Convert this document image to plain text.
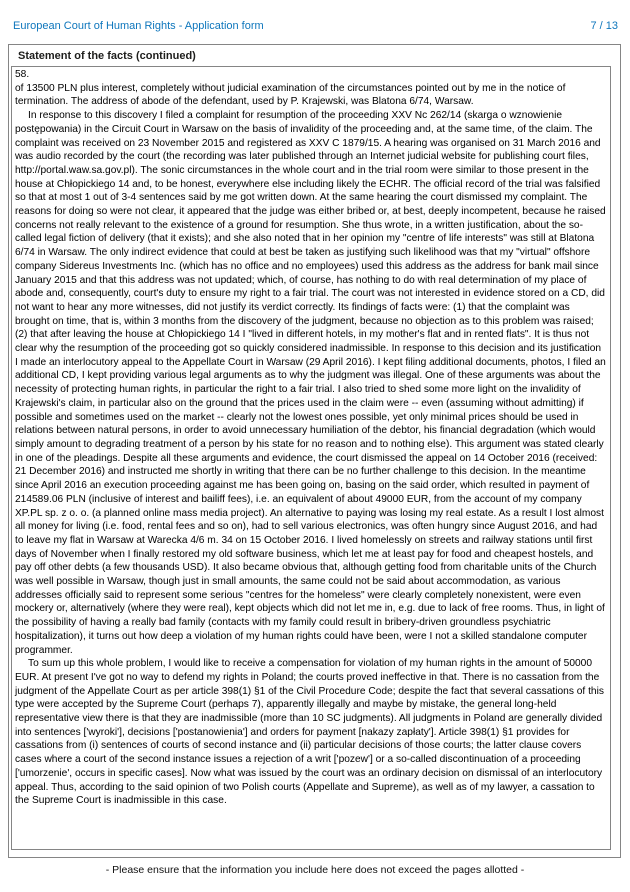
European Court of Human Rights - Application form	7 / 13
Statement of the facts (continued)
58.
of 13500 PLN plus interest, completely without judicial examination of the circumstances pointed out by me in the notice of termination. The address of abode of the defendant, used by P. Krajewski, was Blatona 6/74, Warsaw.
In response to this discovery I filed a complaint for resumption of the proceeding XXV Nc 262/14 (skarga o wznowienie postępowania) in the Circuit Court in Warsaw on the basis of invalidity of the proceeding and, at the same time, of the claim. The complaint was received on 23 November 2015 and registered as XXV C 1879/15. A hearing was organised on 31 March 2016 and was audio recorded by the court (the recording was later published through an Internet judicial website for publishing court files, http://portal.waw.sa.gov.pl). The sonic circumstances in the whole court and in the trial room were similar to those present in the house at Chłopickiego 14 and, to be honest, everywhere else including likely the ECHR. The official record of the trial was falsified so that at most 1 out of 3-4 sentences said by me got written down. At the same hearing the court dismissed my complaint. The reasons for doing so were not clear, it appeared that the judge was either bribed or, at best, deeply incompetent, because he raised concerns not really relevant to the existence of a ground for resumption. She thus wrote, in a written justification, about the so-called legal fiction of delivery (that it exists); and she also noted that in her opinion my "centre of life interests" was still at Blatona 6/74 in Warsaw. The only indirect evidence that could at best be taken as justifying such likelihood was that my "virtual" offshore company Sidereus Investments Inc. (which has no office and no employees) used this address as the address for bank mail since January 2015 and that this address was not updated; which, of course, has nothing to do with real determination of my place of abode and, consequently, court's duty to ensure my right to a fair trial. The court was not interested in evidence stored on a CD, did not want to hear any more witnesses, did not justify its verdict correctly. Its findings of facts were: (1) that the complaint was brought on time, that is, within 3 months from the discovery of the judgment, because no objection as to this problem was raised; (2) that after leaving the house at Chłopickiego 14 I "lived in different hotels, in my mother's flat and in rented flats". It is thus not clear why the resumption of the proceeding got so quickly considered inadmissible. In response to this decision and its justification I made an interlocutory appeal to the Appellate Court in Warsaw (29 April 2016). I kept filing additional documents, photos, I filed an additional CD, I kept providing various legal arguments as to why the judgment was illegal. One of these arguments was about the necessity of protecting human rights, in particular the right to a fair trial. I also tried to shed some more light on the invalidity of Krajewski's claim, in particular also on the ground that the prices used in the claim were -- even (assuming without admitting) if possible and sometimes used on the market -- clearly not the lowest ones possible, yet only minimal prices should be used in relations between natural persons, in order to avoid unnecessary humiliation of the debtor, his financial degradation (which would simply amount to degrading treatment of a person by his state for no reason and to nothing else). This argument was stated clearly in one of the pleadings. Despite all these arguments and evidence, the court dismissed the appeal on 14 October 2016 (received: 21 December 2016) and instructed me shortly in writing that there can be no further challenge to this decision. In the meantime since April 2016 an execution proceeding against me has been going on, basing on the said order, which resulted in payment of 214589.06 PLN (inclusive of interest and bailiff fees), i.e. an equivalent of about 49000 EUR, from the account of my company XP.PL sp. z o. o. (a planned online mass media project). An alternative to paying was losing my real estate. As a result I lost almost all money for living (i.e. food, rental fees and so on), had to sell various electronics, was often hungry since August 2016, and had to leave my flat in Warsaw at Warecka 4/6 m. 34 on 15 October 2016. I lived homelessly on streets and railway stations until first days of November when I finally restored my old software business, which let me at least pay for food and cheapest hostels, and pay off other debts (a few thousands USD). It also became obvious that, although getting food from charitable units of the Church was well possible in Warsaw, though just in small amounts, the same could not be said about accommodation, as various addresses officially said to represent some serious "centres for the homeless" were clearly completely nonexistent, were even mockery or, alternatively (where they were real), kept objects which did not let me in, e.g. due to lack of free rooms. Thus, in light of the possibility of having a really bad family (contacts with my family could result in bribery-driven groundless psychiatric hospitalization), it turns out how deep a violation of my human rights could have been, were I not a skilled standalone computer programmer.
To sum up this whole problem, I would like to receive a compensation for violation of my human rights in the amount of 50000 EUR. At present I've got no way to defend my rights in Poland; the courts proved ineffective in that. There is no cassation from the judgment of the Appellate Court as per article 398(1) §1 of the Civil Procedure Code; despite the fact that several cassations of this type were accepted by the Supreme Court (perhaps 7), apparently illegally and maybe by mistake, the general long-held representative view there is that they are inadmissible (more than 10 SC judgments). All judgments in Poland are generally divided into sentences ['wyroki'], decisions ['postanowienia'] and orders for payment [nakazy zapłaty']. Article 398(1) §1 provides for cassations from (i) sentences of courts of second instance and (ii) particular decisions of those courts; the latter clause covers cases where a court of the second instance issues a rejection of a writ ['pozew'] or a so-called discontinuation of a proceeding ['umorzenie', occurs in specific cases]. Now what was issued by the court was an ordinary decision on dismissal of an interlocutory appeal. Thus, according to the said opinion of two Polish courts (Appellate and Supreme), as well as of my lawyer, a cassation to the Supreme Court is inadmissible in this case.
- Please ensure that the information you include here does not exceed the pages allotted -
